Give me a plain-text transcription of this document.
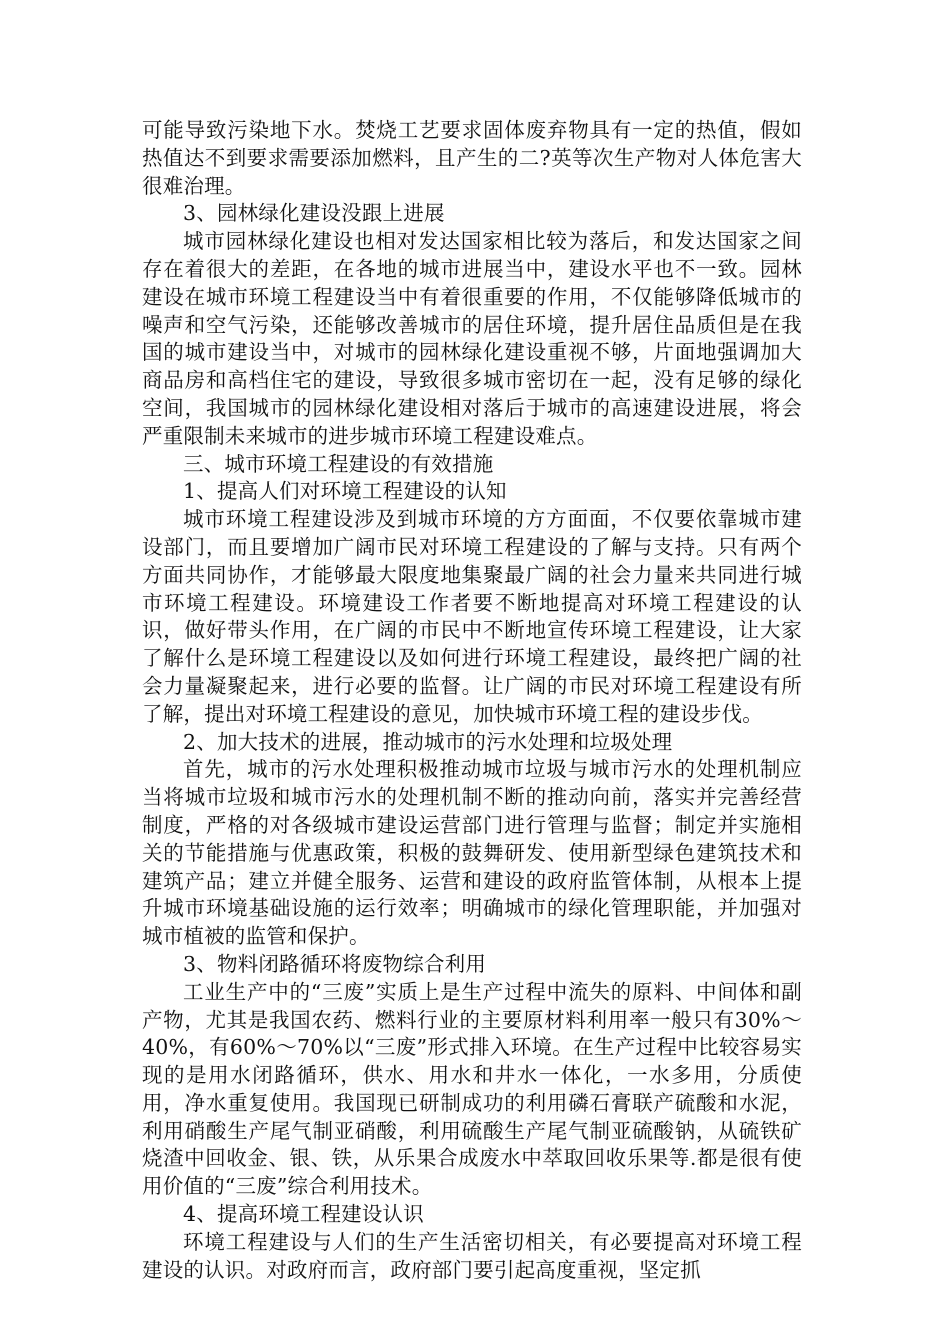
可能导致污染地下水。焚烧工艺要求固体废弃物具有一定的热值，假如热值达不到要求需要添加燃料，且产生的二?英等次生产物对人体危害大很难治理。

3、园林绿化建设没跟上进展

城市园林绿化建设也相对发达国家相比较为落后，和发达国家之间存在着很大的差距，在各地的城市进展当中，建设水平也不一致。园林建设在城市环境工程建设当中有着很重要的作用，不仅能够降低城市的噪声和空气污染，还能够改善城市的居住环境，提升居住品质但是在我国的城市建设当中，对城市的园林绿化建设重视不够，片面地强调加大商品房和高档住宅的建设，导致很多城市密切在一起，没有足够的绿化空间，我国城市的园林绿化建设相对落后于城市的高速建设进展，将会严重限制未来城市的进步城市环境工程建设难点。

三、城市环境工程建设的有效措施

1、提高人们对环境工程建设的认知

城市环境工程建设涉及到城市环境的方方面面，不仅要依靠城市建设部门，而且要增加广阔市民对环境工程建设的了解与支持。只有两个方面共同协作，才能够最大限度地集聚最广阔的社会力量来共同进行城市环境工程建设。环境建设工作者要不断地提高对环境工程建设的认识，做好带头作用，在广阔的市民中不断地宣传环境工程建设，让大家了解什么是环境工程建设以及如何进行环境工程建设，最终把广阔的社会力量凝聚起来，进行必要的监督。让广阔的市民对环境工程建设有所了解，提出对环境工程建设的意见，加快城市环境工程的建设步伐。

2、加大技术的进展，推动城市的污水处理和垃圾处理

首先，城市的污水处理积极推动城市垃圾与城市污水的处理机制应当将城市垃圾和城市污水的处理机制不断的推动向前，落实并完善经营制度，严格的对各级城市建设运营部门进行管理与监督；制定并实施相关的节能措施与优惠政策，积极的鼓舞研发、使用新型绿色建筑技术和建筑产品；建立并健全服务、运营和建设的政府监管体制，从根本上提升城市环境基础设施的运行效率；明确城市的绿化管理职能，并加强对城市植被的监管和保护。

3、物料闭路循环将废物综合利用

工业生产中的“三废”实质上是生产过程中流失的原料、中间体和副产物，尤其是我国农药、燃料行业的主要原材料利用率一般只有30%～40%，有60%～70%以“三废”形式排入环境。在生产过程中比较容易实现的是用水闭路循环，供水、用水和井水一体化，一水多用，分质使用，净水重复使用。我国现已研制成功的利用磷石膏联产硫酸和水泥，利用硝酸生产尾气制亚硝酸，利用硫酸生产尾气制亚硫酸钠，从硫铁矿烧渣中回收金、银、铁，从乐果合成废水中萃取回收乐果等.都是很有使用价值的“三废”综合利用技术。

4、提高环境工程建设认识

环境工程建设与人们的生产生活密切相关，有必要提高对环境工程建设的认识。对政府而言，政府部门要引起高度重视，坚定抓
